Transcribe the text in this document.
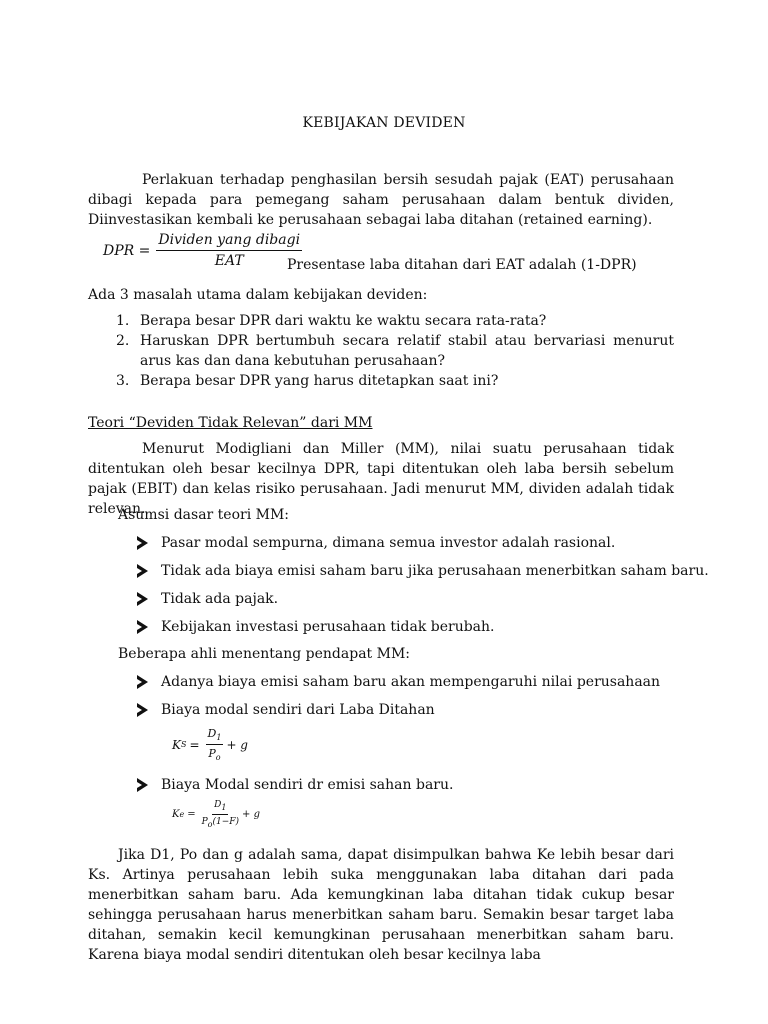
KEBIJAKAN DEVIDEN

Perlakuan terhadap penghasilan bersih sesudah pajak (EAT) perusahaan dibagi kepada para pemegang saham perusahaan dalam bentuk dividen, Diinvestasikan kembali ke perusahaan sebagai laba ditahan (retained earning).

DPR = $\frac{\text{Dividen yang dibagi}}{\text{EAT}}$
Presentase laba ditahan dari EAT adalah (1-DPR)
Ada 3 masalah utama dalam kebijakan deviden:
1. Berapa besar DPR dari waktu ke waktu secara rata-rata?
2. Haruskan DPR bertumbuh secara relatif stabil atau bervariasi menurut arus kas dan dana kebutuhan perusahaan?
3. Berapa besar DPR yang harus ditetapkan saat ini?
Teori “Deviden Tidak Relevan” dari MM

Menurut Modigliani dan Miller (MM), nilai suatu perusahaan tidak ditentukan oleh besar kecilnya DPR, tapi ditentukan oleh laba bersih sebelum pajak (EBIT) dan kelas risiko perusahaan. Jadi menurut MM, dividen adalah tidak relevan.

Asumsi dasar teori MM:
Pasar modal sempurna, dimana semua investor adalah rasional.
Tidak ada biaya emisi saham baru jika perusahaan menerbitkan saham baru.
Tidak ada pajak.
Kebijakan investasi perusahaan tidak berubah.
Beberapa ahli menentang pendapat MM:
Adanya biaya emisi saham baru akan mempengaruhi nilai perusahaan
Biaya modal sendiri dari Laba Ditahan
K $S = \frac{D_1}{P_o} + g$
Biaya Modal sendiri dr emisi sahan baru.
K $e = \frac{D_1}{P_o(1-F)} + g$

Jika D1, Po dan g adalah sama, dapat disimpulkan bahwa Ke lebih besar dari Ks. Artinya perusahaan lebih suka menggunakan laba ditahan dari pada menerbitkan saham baru. Ada kemungkinan laba ditahan tidak cukup besar sehingga perusahaan harus menerbitkan saham baru. Semakin besar target laba ditahan, semakin kecil kemungkinan perusahaan menerbitkan saham baru. Karena biaya modal sendiri ditentukan oleh besar kecilnya laba
